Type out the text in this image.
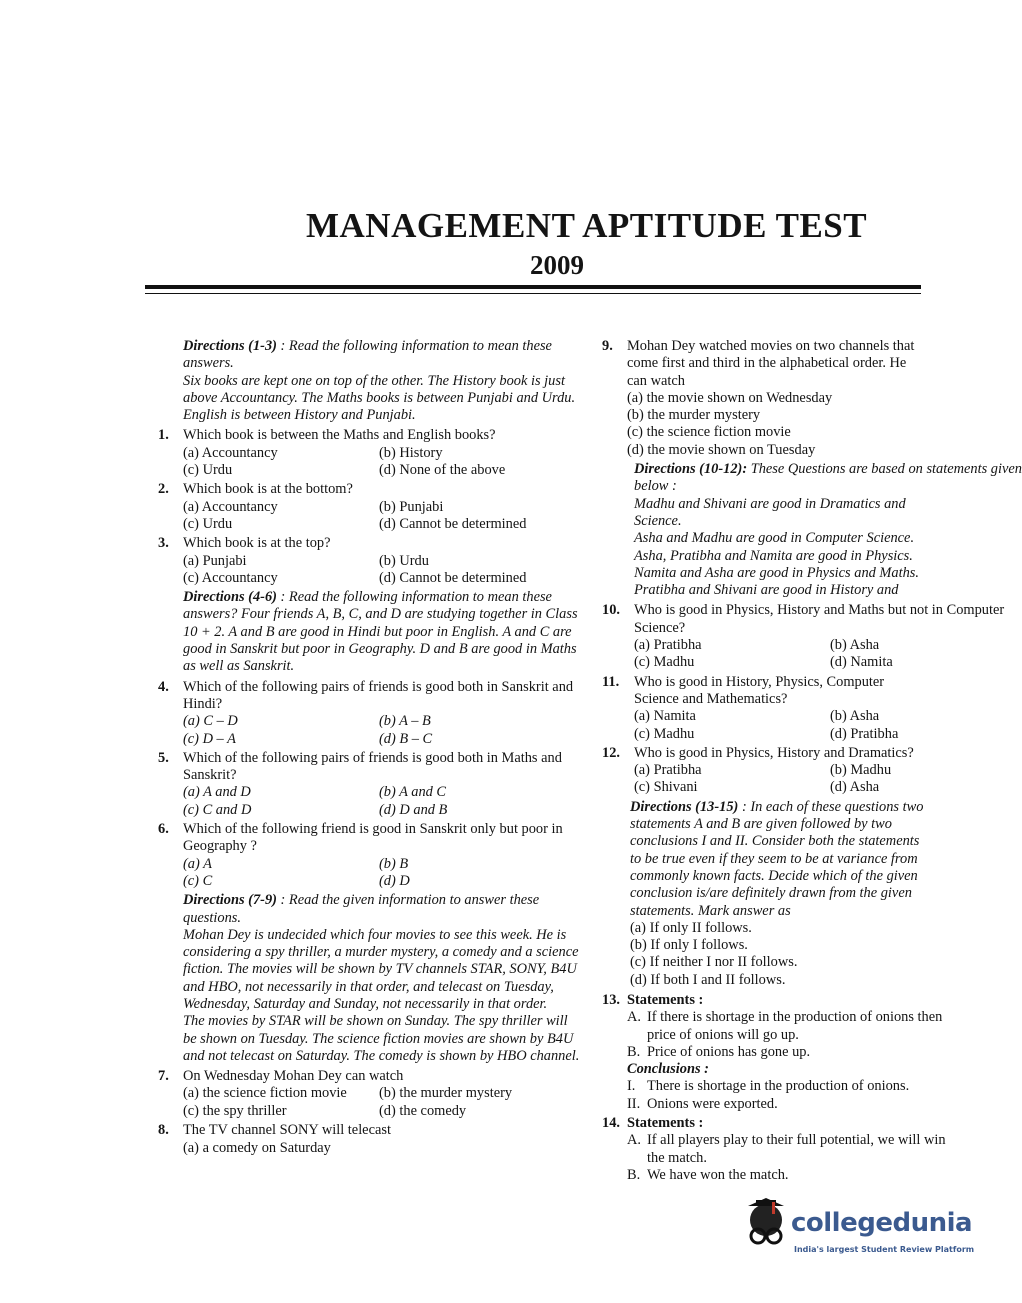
MANAGEMENT APTITUDE TEST
2009
Directions (1-3) : Read the following information to mean these answers.
Six books are kept one on top of the other. The History book is just above Accountancy. The Maths books is between Punjabi and Urdu. English is between History and Punjabi.
1. Which book is between the Maths and English books?
(a) Accountancy	(b) History
(c) Urdu	(d) None of the above
2. Which book is at the bottom?
(a) Accountancy	(b) Punjabi
(c) Urdu	(d) Cannot be determined
3. Which book is at the top?
(a) Punjabi	(b) Urdu
(c) Accountancy	(d) Cannot be determined
Directions (4-6) : Read the following information to mean these answers? Four friends A, B, C, and D are studying together in Class 10 + 2. A and B are good in Hindi but poor in English. A and C are good in Sanskrit but poor in Geography. D and B are good in Maths as well as Sanskrit.
4. Which of the following pairs of friends is good both in Sanskrit and Hindi?
(a) C – D	(b) A – B
(c) D – A	(d) B – C
5. Which of the following pairs of friends is good both in Maths and Sanskrit?
(a) A and D	(b) A and C
(c) C and D	(d) D and B
6. Which of the following friend is good in Sanskrit only but poor in Geography ?
(a) A	(b) B
(c) C	(d) D
Directions (7-9) : Read the given information to answer these questions.
Mohan Dey is undecided which four movies to see this week. He is considering a spy thriller, a murder mystery, a comedy and a science fiction. The movies will be shown by TV channels STAR, SONY, B4U and HBO, not necessarily in that order, and telecast on Tuesday, Wednesday, Saturday and Sunday, not necessarily in that order.
The movies by STAR will be shown on Sunday. The spy thriller will be shown on Tuesday. The science fiction movies are shown by B4U and not telecast on Saturday. The comedy is shown by HBO channel.
7. On Wednesday Mohan Dey can watch
(a) the science fiction movie	(b) the murder mystery
(c) the spy thriller	(d) the comedy
8. The TV channel SONY will telecast
(a) a comedy on Saturday
9. Mohan Dey watched movies on two channels that come first and third in the alphabetical order. He can watch
(a) the movie shown on Wednesday
(b) the murder mystery
(c) the science fiction movie
(d) the movie shown on Tuesday
Directions (10-12): These Questions are based on statements given below :
Madhu and Shivani are good in Dramatics and Science.
Asha and Madhu are good in Computer Science.
Asha, Pratibha and Namita are good in Physics.
Namita and Asha are good in Physics and Maths.
Pratibha and Shivani are good in History and
10. Who is good in Physics, History and Maths but not in Computer Science?
(a) Pratibha	(b) Asha
(c) Madhu	(d) Namita
11. Who is good in History, Physics, Computer Science and Mathematics?
(a) Namita	(b) Asha
(c) Madhu	(d) Pratibha
12. Who is good in Physics, History and Dramatics?
(a) Pratibha	(b) Madhu
(c) Shivani	(d) Asha
Directions (13-15) : In each of these questions two statements A and B are given followed by two conclusions I and II. Consider both the statements to be true even if they seem to be at variance from commonly known facts. Decide which of the given conclusion is/are definitely drawn from the given statements. Mark answer as
(a) If only II follows.
(b) If only I follows.
(c) If neither I nor II follows.
(d) If both I and II follows.
13. Statements :
A. If there is shortage in the production of onions then price of onions will go up.
B. Price of onions has gone up.
Conclusions :
I. There is shortage in the production of onions.
II. Onions were exported.
14. Statements :
A. If all players play to their full potential, we will win the match.
B. We have won the match.
collegedunia
India's largest Student Review Platform
